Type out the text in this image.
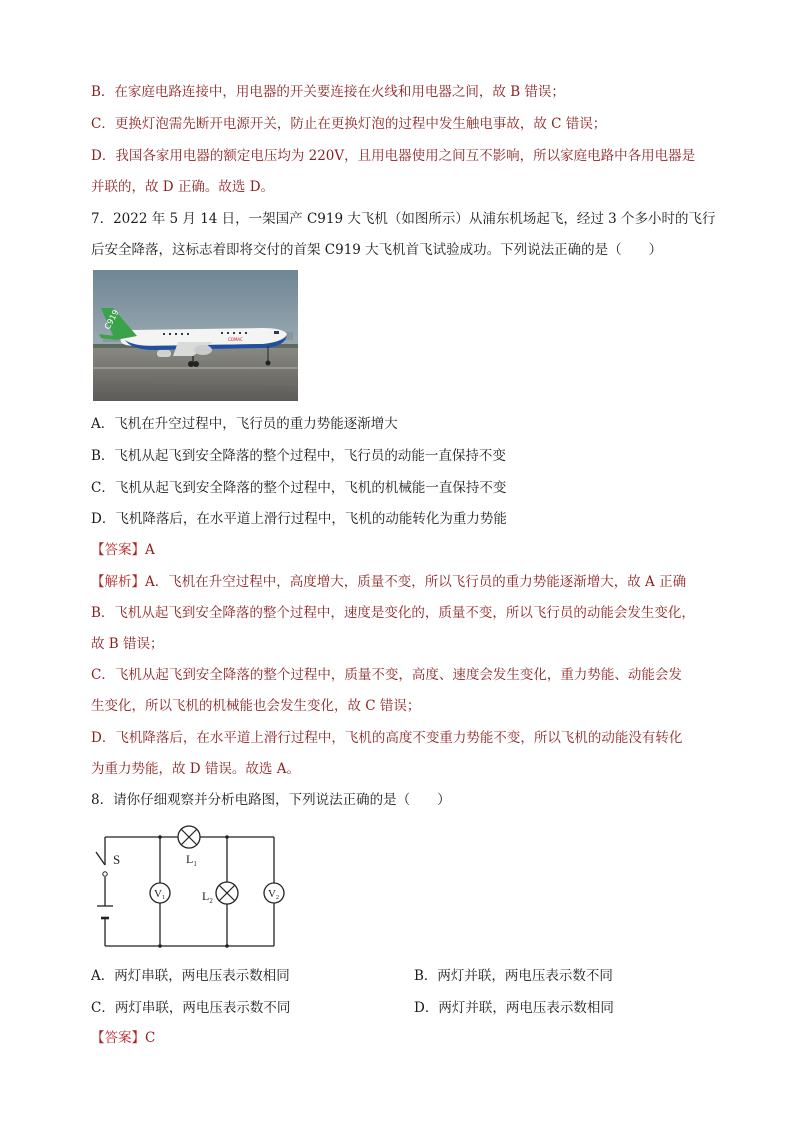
B．在家庭电路连接中，用电器的开关要连接在火线和用电器之间，故 B 错误；
C．更换灯泡需先断开电源开关，防止在更换灯泡的过程中发生触电事故，故 C 错误；
D．我国各家用电器的额定电压均为 220V，且用电器使用之间互不影响，所以家庭电路中各用电器是
并联的，故 D 正确。故选 D。
7．2022 年 5 月 14 日，一架国产 C919 大飞机（如图所示）从浦东机场起飞，经过 3 个多小时的飞行
后安全降落，这标志着即将交付的首架 C919 大飞机首飞试验成功。下列说法正确的是（　　）
C919
COMAC
A．飞机在升空过程中，飞行员的重力势能逐渐增大
B．飞机从起飞到安全降落的整个过程中，飞行员的动能一直保持不变
C．飞机从起飞到安全降落的整个过程中，飞机的机械能一直保持不变
D．飞机降落后，在水平道上滑行过程中，飞机的动能转化为重力势能
【答案】A
【解析】A．飞机在升空过程中，高度增大，质量不变，所以飞行员的重力势能逐渐增大，故 A 正确
B．飞机从起飞到安全降落的整个过程中，速度是变化的，质量不变，所以飞行员的动能会发生变化，
故 B 错误；
C．飞机从起飞到安全降落的整个过程中，质量不变，高度、速度会发生变化，重力势能、动能会发
生变化，所以飞机的机械能也会发生变化，故 C 错误；
D．飞机降落后，在水平道上滑行过程中，飞机的高度不变重力势能不变，所以飞机的动能没有转化
为重力势能，故 D 错误。故选 A。
8．请你仔细观察并分析电路图，下列说法正确的是（　　）
S	$L_1$
$L_2$
V1	V2
A．两灯串联，两电压表示数相同	B．两灯并联，两电压表示数不同
C．两灯串联，两电压表示数不同	D．两灯并联，两电压表示数相同
【答案】C
